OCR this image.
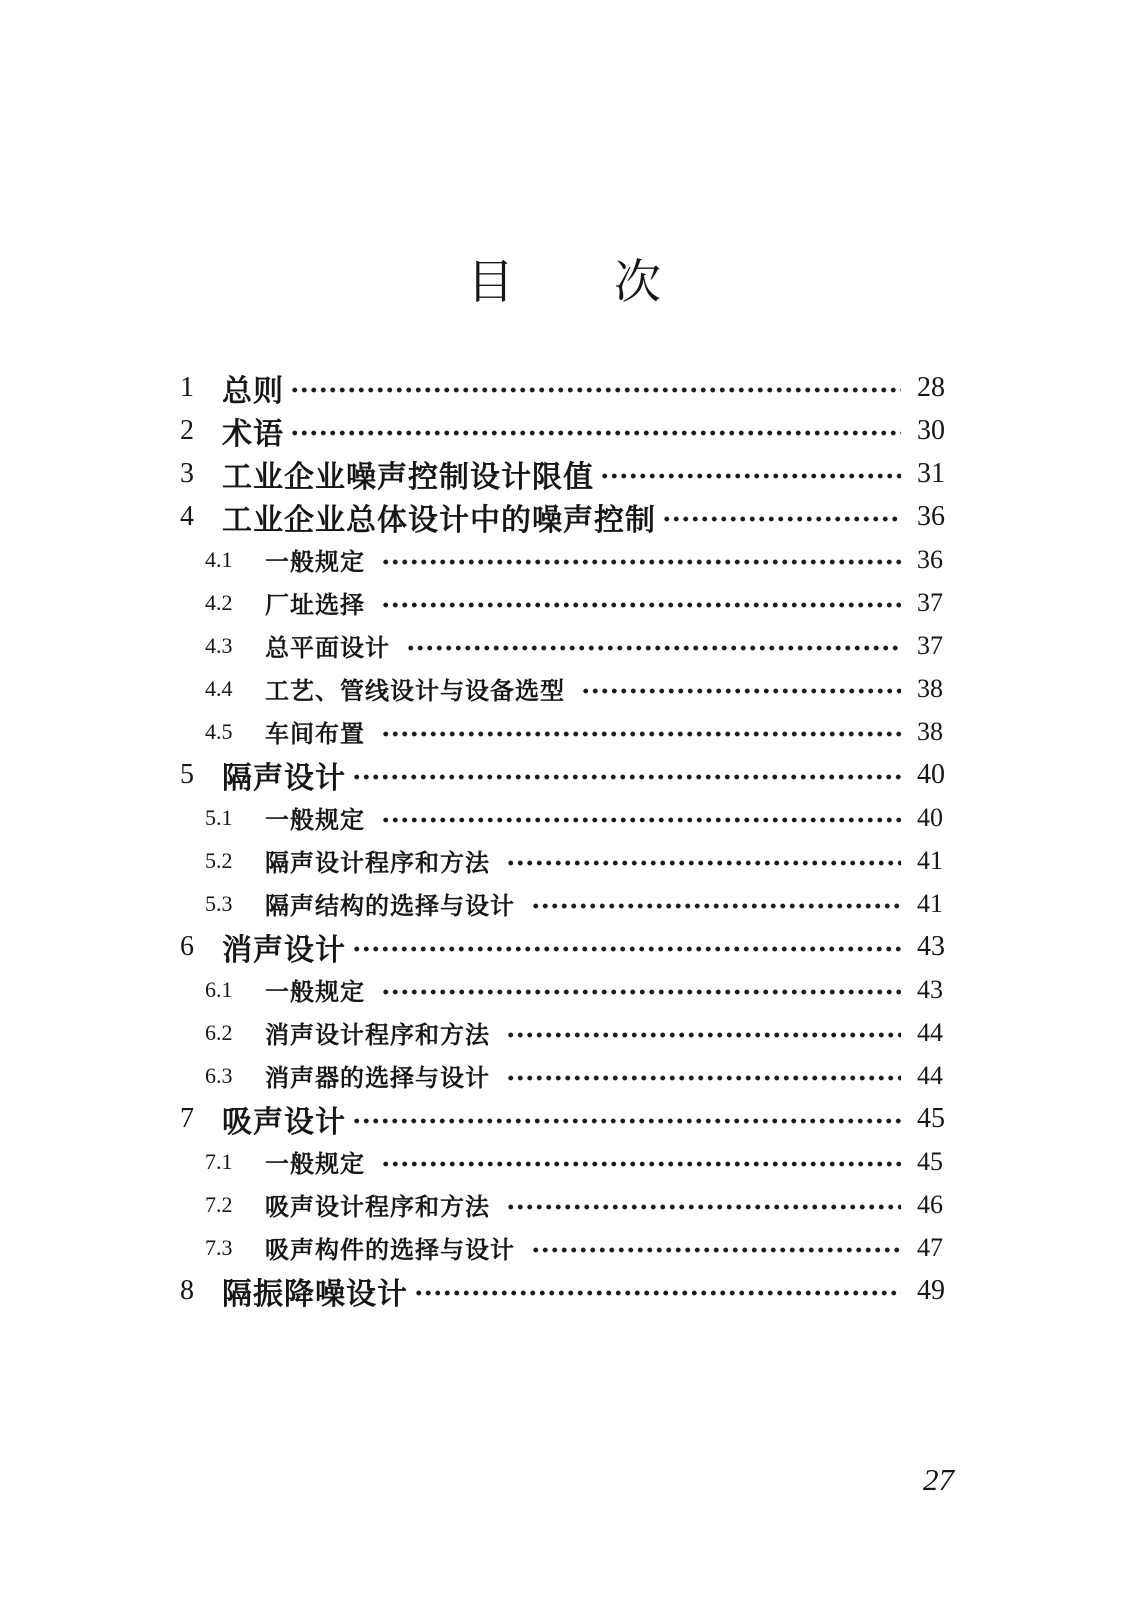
目　　次
1 总则	28
2 术语	30
3 工业企业噪声控制设计限值	31
4 工业企业总体设计中的噪声控制	36
4.1	一般规定	36
4.2	厂址选择	37
4.3	总平面设计	37
4.4	工艺、管线设计与设备选型	38
4.5	车间布置	38
5 隔声设计	40
5.1	一般规定	40
5.2	隔声设计程序和方法	41
5.3	隔声结构的选择与设计	41
6 消声设计	43
6.1	一般规定	43
6.2	消声设计程序和方法	44
6.3	消声器的选择与设计	44
7 吸声设计	45
7.1	一般规定	45
7.2	吸声设计程序和方法	46
7.3	吸声构件的选择与设计	47
8 隔振降噪设计	49
27
